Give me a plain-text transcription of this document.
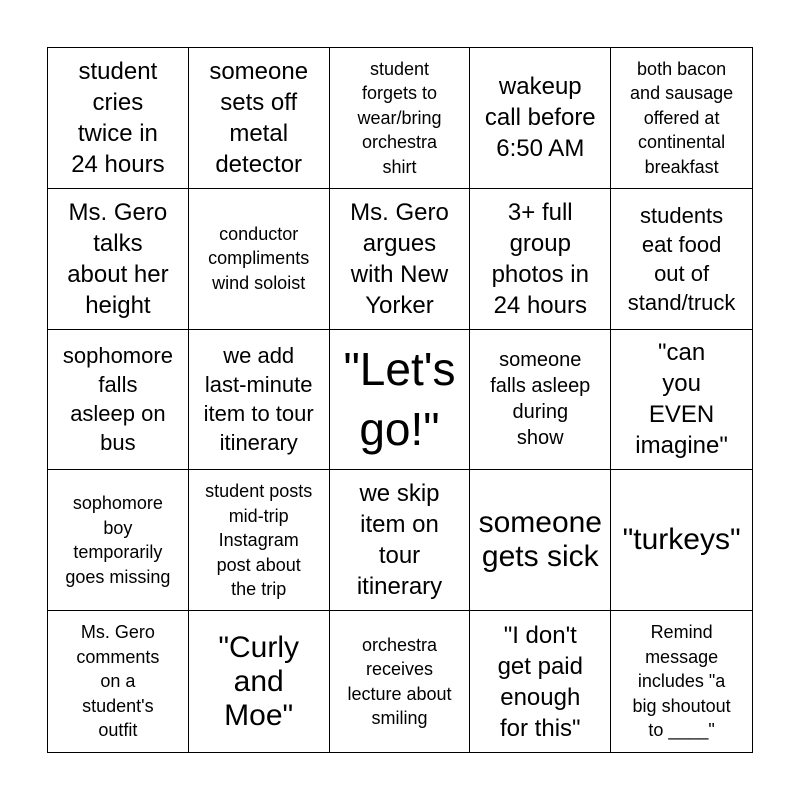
student
cries
twice in
24 hours
someone
sets off
metal
detector
student
forgets to
wear/bring
orchestra
shirt
wakeup
call before
6:50 AM
both bacon
and sausage
offered at
continental
breakfast
Ms. Gero
talks
about her
height
conductor
compliments
wind soloist
Ms. Gero
argues
with New
Yorker
3+ full
group
photos in
24 hours
students
eat food
out of
stand/truck
sophomore
falls
asleep on
bus
we add
last-minute
item to tour
itinerary
"Let's
go!"
someone
falls asleep
during
show
"can
you
EVEN
imagine"
sophomore
boy
temporarily
goes missing
student posts
mid-trip
Instagram
post about
the trip
we skip
item on
tour
itinerary
someone
gets sick
"turkeys"
Ms. Gero
comments
on a
student's
outfit
"Curly
and
Moe"
orchestra
receives
lecture about
smiling
"I don't
get paid
enough
for this"
Remind
message
includes "a
big shoutout
to ____"
